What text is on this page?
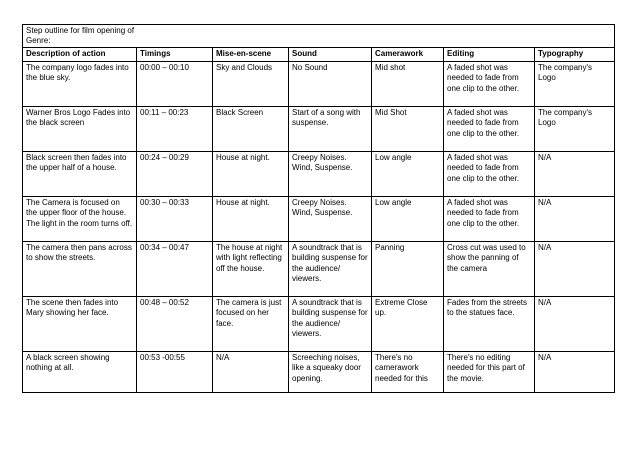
Step outline for film opening of
Genre:						

Description of action	Timings	Mise-en-scene	Sound	Camerawork	Editing	Typography
The company logo fades into the blue sky.	00:00 – 00:10	Sky and Clouds	No Sound	Mid shot	A faded shot was needed to fade from one clip to the other.	The company's Logo
Warner Bros Logo Fades into the black screen	00:11 – 00:23	Black Screen	Start of a song with suspense.	Mid Shot	A faded shot was needed to fade from one clip to the other.	The company's Logo
Black screen then fades into the upper half of a house.	00:24 – 00:29	House at night.	Creepy Noises. Wind, Suspense.	Low angle	A faded shot was needed to fade from one clip to the other.	N/A
The Camera is focused on the upper floor of the house. The light in the room turns off.	00:30 – 00:33	House at night.	Creepy Noises. Wind, Suspense.	Low angle	A faded shot was needed to fade from one clip to the other.	N/A
The camera then pans across to show the streets.	00:34 – 00:47	The house at night with light reflecting off the house.	A soundtrack that is building suspense for the audience/ viewers.	Panning	Cross cut was used to show the panning of the camera	N/A
The scene then fades into Mary showing her face.	00:48 – 00:52	The camera is just focused on her face.	A soundtrack that is building suspense for the audience/ viewers.	Extreme Close up.	Fades from the streets to the statues face.	N/A
A black screen showing nothing at all.	00:53 -00:55	N/A	Screeching noises, like a squeaky door opening.	There's no camerawork needed for this	There's no editing needed for this part of the movie.	N/A
